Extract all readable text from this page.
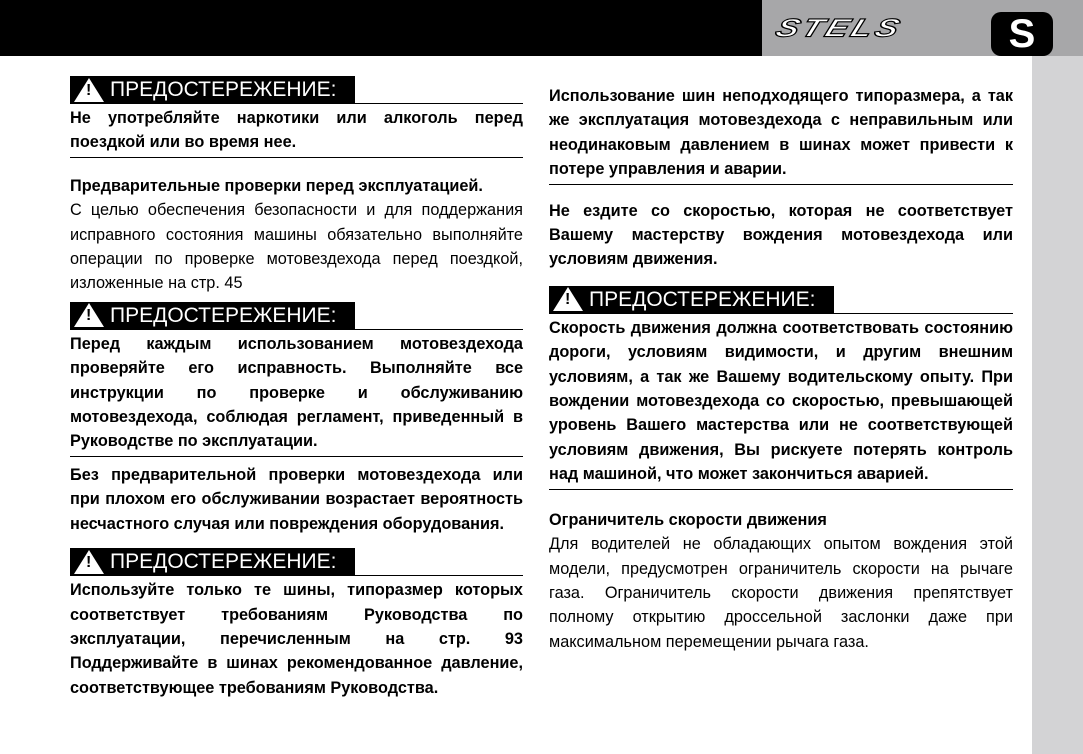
STELS	S
! ПРЕДОСТЕРЕЖЕНИЕ:

Не употребляйте наркотики или алкоголь перед поездкой или во время нее.

Предварительные проверки перед эксплуатацией.

С целью обеспечения безопасности и для поддержания исправного состояния машины обязательно выполняйте операции по проверке мотовездехода перед поездкой, изложенные на стр. 45

! ПРЕДОСТЕРЕЖЕНИЕ:

Перед каждым использованием мотовездехода проверяйте его исправность. Выполняйте все инструкции по проверке и обслуживанию мотовездехода, соблюдая регламент, приведенный в Руководстве по эксплуатации.

Без предварительной проверки мотовездехода или при плохом его обслуживании возрастает вероятность несчастного случая или повреждения оборудования.

! ПРЕДОСТЕРЕЖЕНИЕ:

Используйте только те шины, типоразмер которых соответствует требованиям Руководства по эксплуатации, перечисленным на стр. 93 Поддерживайте в шинах рекомендованное давление, соответствующее требованиям Руководства.

Использование шин неподходящего типоразмера, а так же эксплуатация мотовездехода с неправильным или неодинаковым давлением в шинах может привести к потере управления и аварии.

Не ездите со скоростью, которая не соответствует Вашему мастерству вождения мотовездехода или условиям движения.

! ПРЕДОСТЕРЕЖЕНИЕ:

Скорость движения должна соответствовать состоянию дороги, условиям видимости, и другим внешним условиям, а так же Вашему водительскому опыту. При вождении мотовездехода со скоростью, превышающей уровень Вашего мастерства или не соответствующей условиям движения, Вы рискуете потерять контроль над машиной, что может закончиться аварией.

Ограничитель скорости движения

Для водителей не обладающих опытом вождения этой модели, предусмотрен ограничитель скорости на рычаге газа. Ограничитель скорости движения препятствует полному открытию дроссельной заслонки даже при максимальном перемещении рычага газа.
